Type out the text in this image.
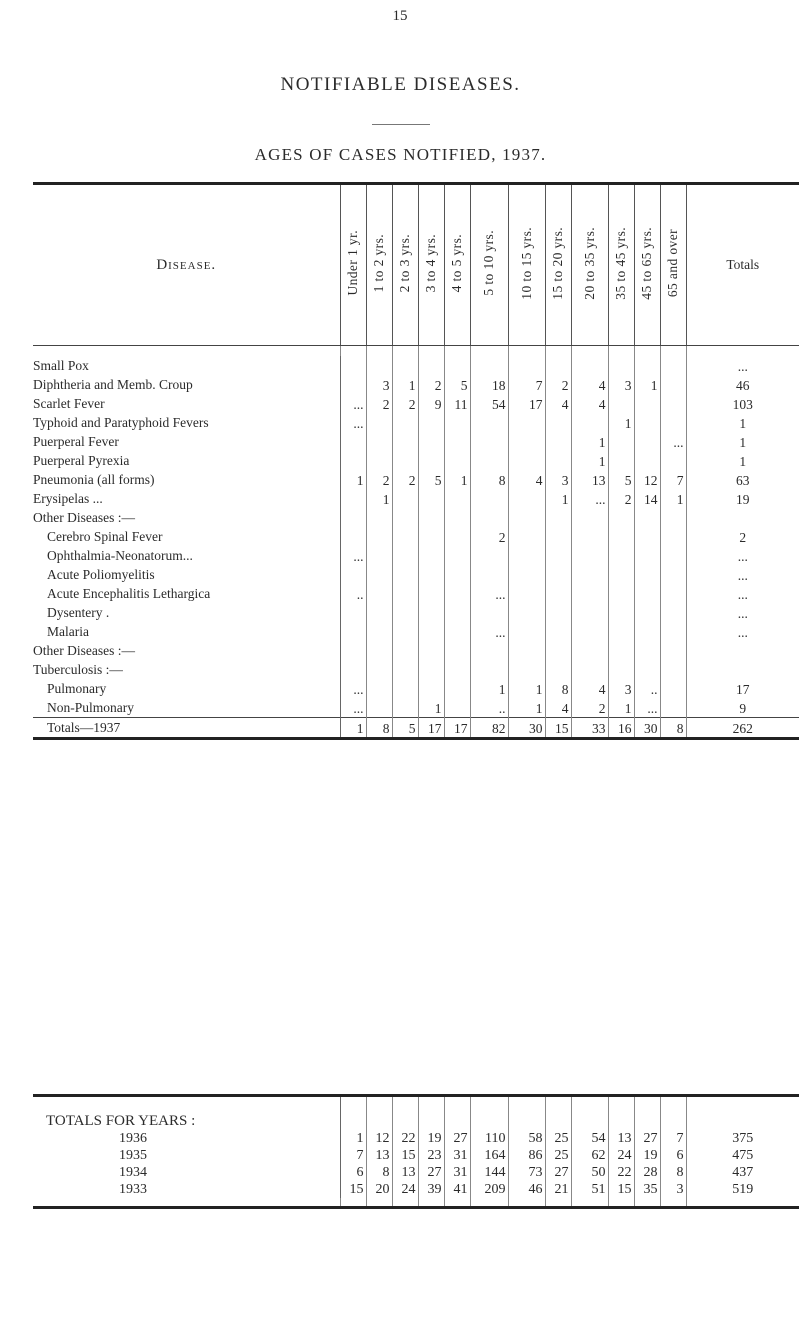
15
NOTIFIABLE DISEASES.
AGES OF CASES NOTIFIED, 1937.
Disease.	Under 1 yr.	1 to 2 yrs.	2 to 3 yrs.	3 to 4 yrs.	4 to 5 yrs.	5 to 10 yrs.	10 to 15 yrs.	15 to 20 yrs.	20 to 35 yrs.	35 to 45 yrs.	45 to 65 yrs.	65 and over	Totals

Small Pox													...
Diphtheria and Memb. Croup		3	1	2	5	18	7	2	4	3	1		46
Scarlet Fever	...	2	2	9	11	54	17	4	4				103
Typhoid and Paratyphoid Fevers	...									1			1
Puerperal Fever									1			...	1
Puerperal Pyrexia									1				1
Pneumonia (all forms)	1	2	2	5	1	8	4	3	13	5	12	7	63
Erysipelas ...		1						1	...	2	14	1	19
Other Diseases :—													
Cerebro Spinal Fever						2							2
Ophthalmia-Neonatorum...	...												...
Acute Poliomyelitis													...
Acute Encephalitis Lethargica	..					...							...
Dysentery .													...
Malaria						...							...
Other Diseases :—													
Tuberculosis :—													
Pulmonary	...					1	1	8	4	3	..		17
Non-Pulmonary	...			1		..	1	4	2	1	...		9
Totals—1937	1	8	5	17	17	82	30	15	33	16	30	8	262

TOTALS FOR YEARS :													
1936	1	12	22	19	27	110	58	25	54	13	27	7	375
1935	7	13	15	23	31	164	86	25	62	24	19	6	475
1934	6	8	13	27	31	144	73	27	50	22	28	8	437
1933	15	20	24	39	41	209	46	21	51	15	35	3	519
